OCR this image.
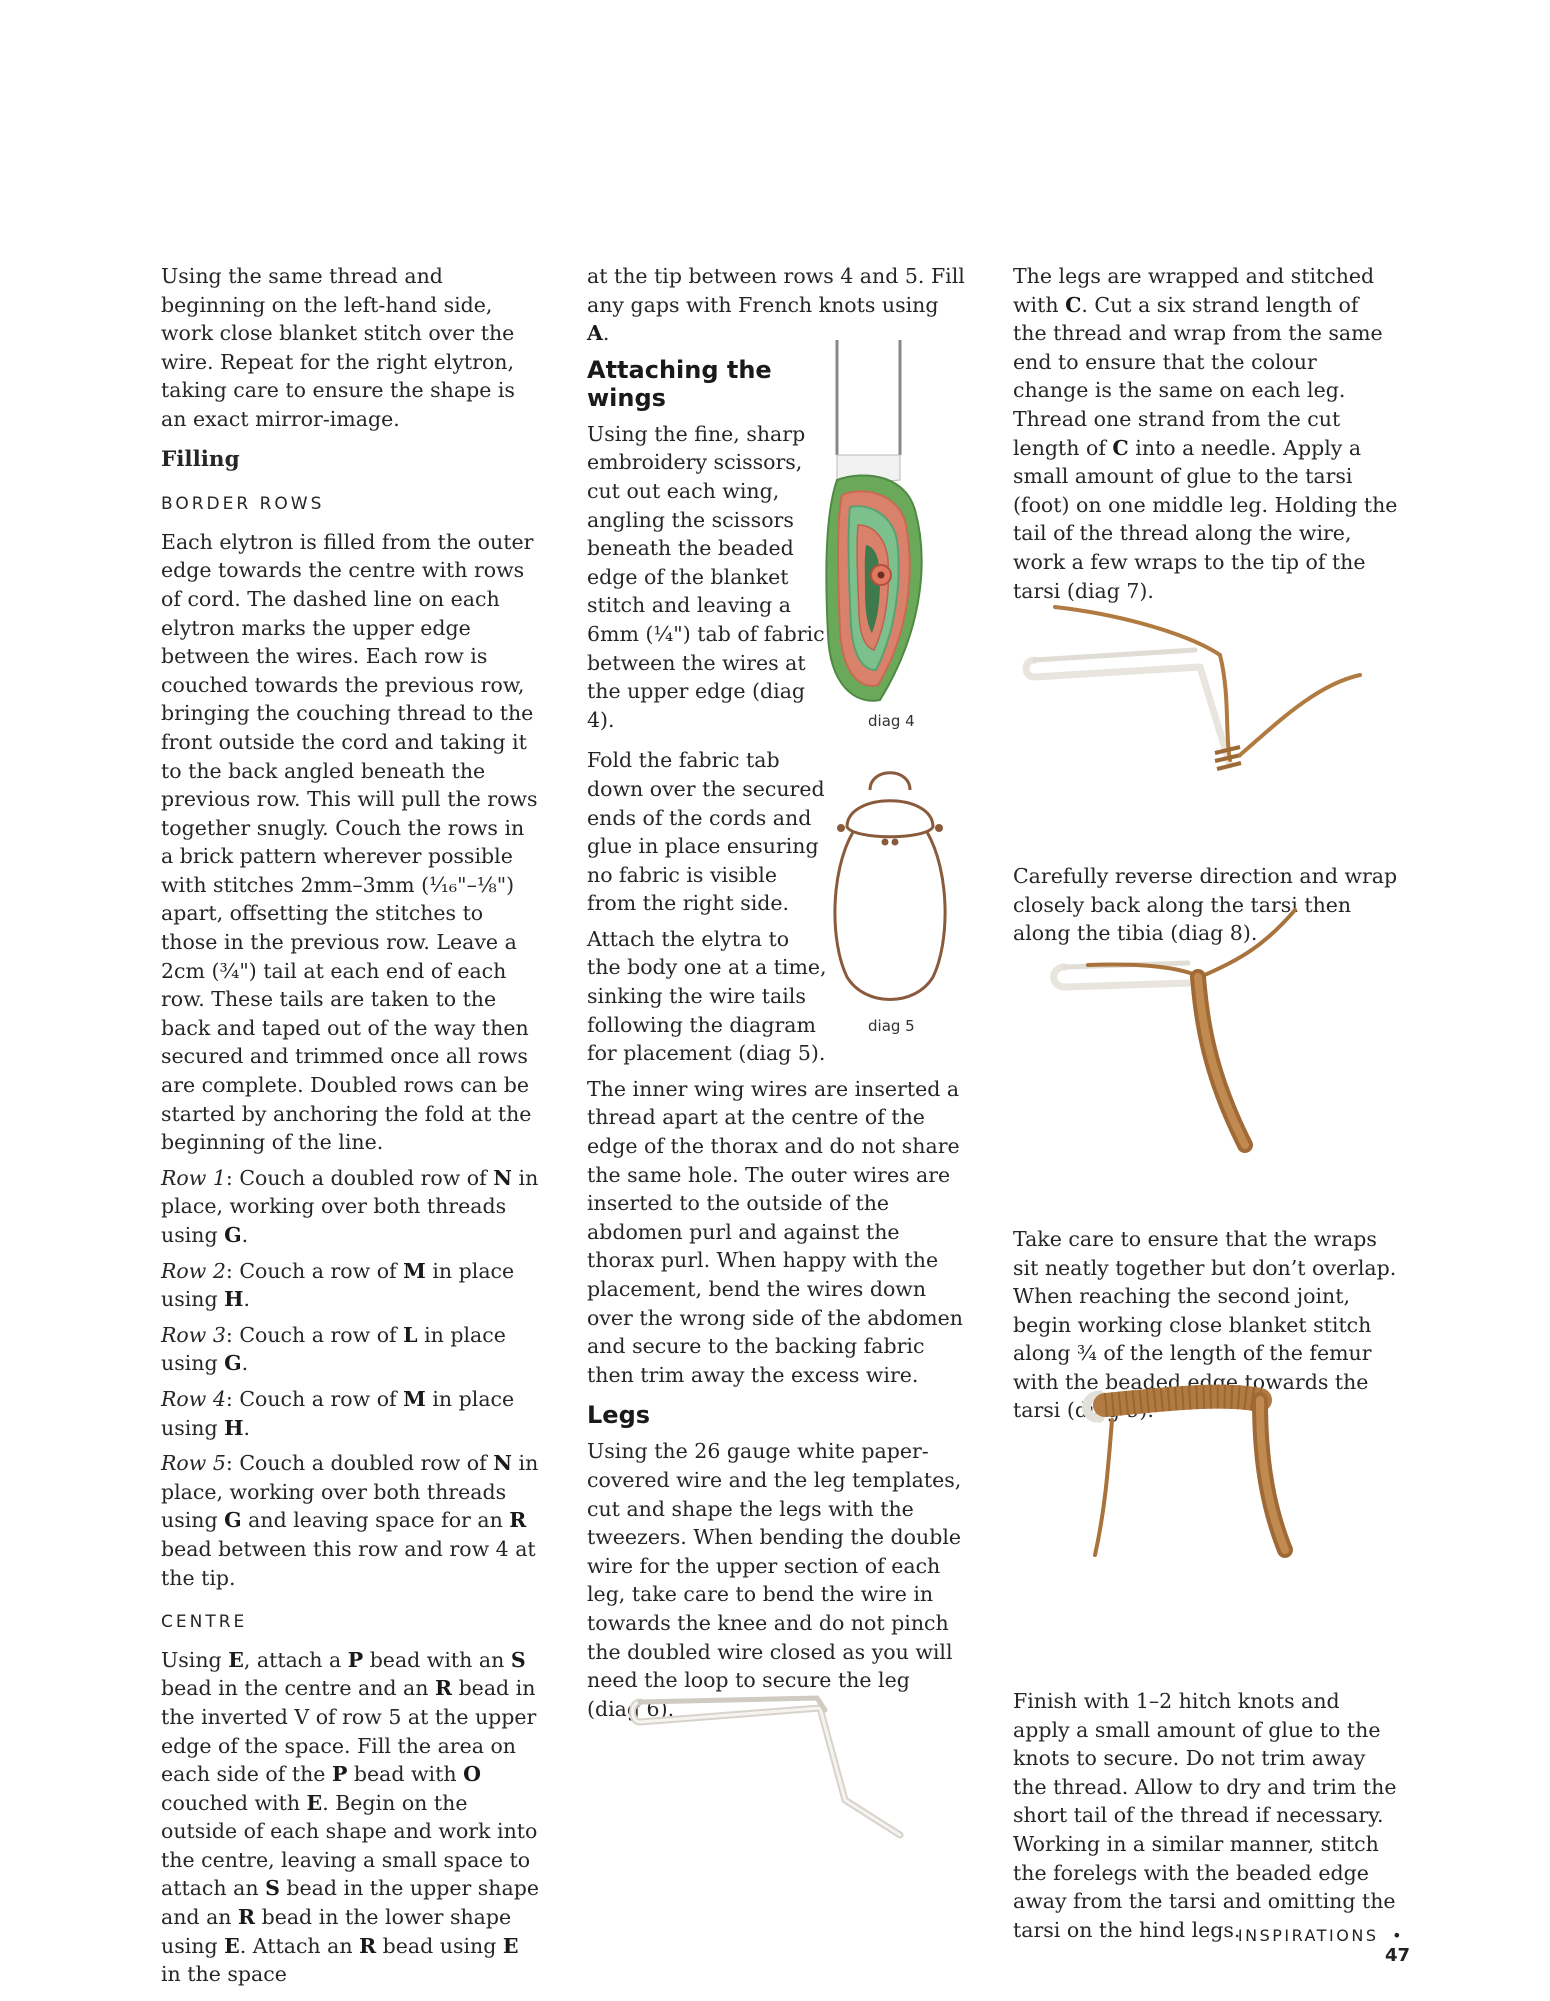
Using the same thread and beginning on the left-hand side, work close blanket stitch over the wire. Repeat for the right elytron, taking care to ensure the shape is an exact mirror-image.

Filling
BORDER ROWS

Each elytron is filled from the outer edge towards the centre with rows of cord. The dashed line on each elytron marks the upper edge between the wires. Each row is couched towards the previous row, bringing the couching thread to the front outside the cord and taking it to the back angled beneath the previous row. This will pull the rows together snugly. Couch the rows in a brick pattern wherever possible with stitches 2mm–3mm (¹⁄₁₆"–⅛") apart, offsetting the stitches to those in the previous row. Leave a 2cm (¾") tail at each end of each row. These tails are taken to the back and taped out of the way then secured and trimmed once all rows are complete. Doubled rows can be started by anchoring the fold at the beginning of the line.

Row 1: Couch a doubled row of N in place, working over both threads using G.

Row 2: Couch a row of M in place using H.

Row 3: Couch a row of L in place using G.

Row 4: Couch a row of M in place using H.

Row 5: Couch a doubled row of N in place, working over both threads using G and leaving space for an R bead between this row and row 4 at the tip.

CENTRE

Using E, attach a P bead with an S bead in the centre and an R bead in the inverted V of row 5 at the upper edge of the space. Fill the area on each side of the P bead with O couched with E. Begin on the outside of each shape and work into the centre, leaving a small space to attach an S bead in the upper shape and an R bead in the lower shape using E. Attach an R bead using E in the space

at the tip between rows 4 and 5. Fill any gaps with French knots using A.

Attaching the wings

Using the fine, sharp embroidery scissors, cut out each wing, angling the scissors beneath the beaded edge of the blanket stitch and leaving a 6mm (¼") tab of fabric between the wires at the upper edge (diag 4).

Fold the fabric tab down over the secured ends of the cords and glue in place ensuring no fabric is visible from the right side.

Attach the elytra to the body one at a time, sinking the wire tails following the diagram for placement (diag 5).

The inner wing wires are inserted a thread apart at the centre of the edge of the thorax and do not share the same hole. The outer wires are inserted to the outside of the abdomen purl and against the thorax purl. When happy with the placement, bend the wires down over the wrong side of the abdomen and secure to the backing fabric then trim away the excess wire.

Legs

Using the 26 gauge white paper-covered wire and the leg templates, cut and shape the legs with the tweezers. When bending the double wire for the upper section of each leg, take care to bend the wire in towards the knee and do not pinch the doubled wire closed as you will need the loop to secure the leg (diag 6).

diag 4
diag 5

The legs are wrapped and stitched with C. Cut a six strand length of the thread and wrap from the same end to ensure that the colour change is the same on each leg. Thread one strand from the cut length of C into a needle. Apply a small amount of glue to the tarsi (foot) on one middle leg. Holding the tail of the thread along the wire, work a few wraps to the tip of the tarsi (diag 7).

Carefully reverse direction and wrap closely back along the tarsi then along the tibia (diag 8).

Take care to ensure that the wraps sit neatly together but don’t overlap. When reaching the second joint, begin working close blanket stitch along ¾ of the length of the femur with the beaded edge towards the tarsi (diag 9).

Finish with 1–2 hitch knots and apply a small amount of glue to the knots to secure. Do not trim away the thread. Allow to dry and trim the short tail of the thread if necessary. Working in a similar manner, stitch the forelegs with the beaded edge away from the tarsi and omitting the tarsi on the hind legs.

INSPIRATIONS • 47
